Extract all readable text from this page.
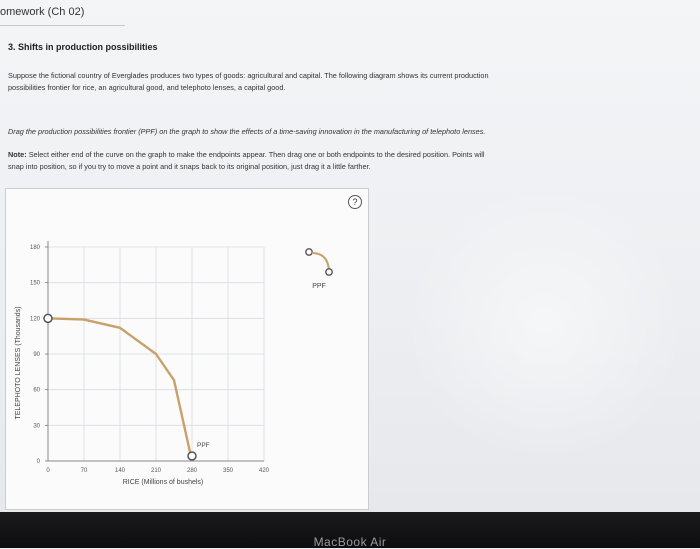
omework (Ch 02)
3. Shifts in production possibilities
Suppose the fictional country of Everglades produces two types of goods: agricultural and capital. The following diagram shows its current production
possibilities frontier for rice, an agricultural good, and telephoto lenses, a capital good.
Drag the production possibilities frontier (PPF) on the graph to show the effects of a time-saving innovation in the manufacturing of telephoto lenses.
Note: Select either end of the curve on the graph to make the endpoints appear. Then drag one or both endpoints to the desired position. Points will
snap into position, so if you try to move a point and it snaps back to its original position, just drag it a little farther.
?
0	70	140	210	280	350	420
0
30
60
90
120
150
180
PPF
TELEPHOTO LENSES (Thousands)
RICE (Millions of bushels)
PPF
MacBook Air
